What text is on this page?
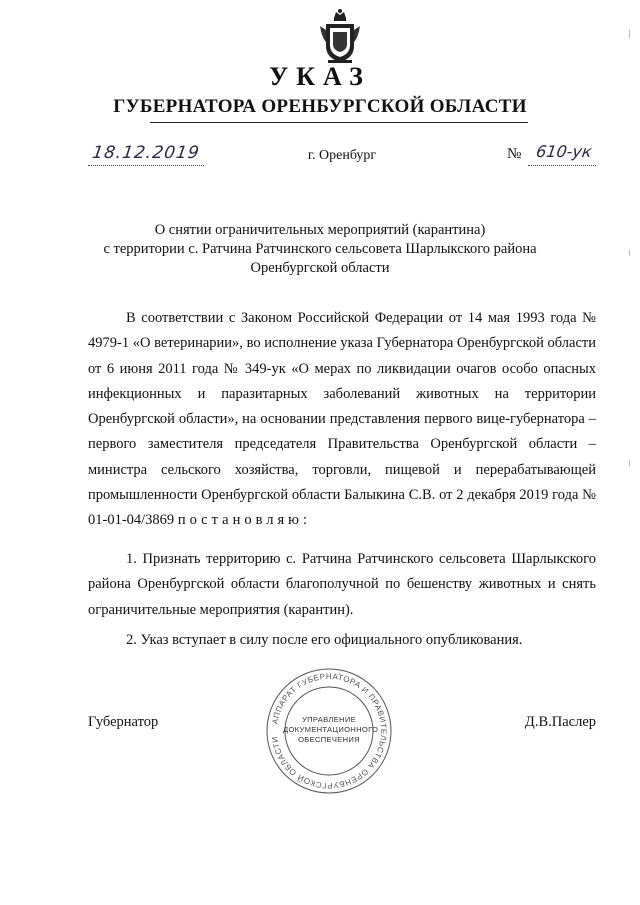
УКАЗ
ГУБЕРНАТОРА ОРЕНБУРГСКОЙ ОБЛАСТИ
18.12.2019	г. Оренбург	№ 610-ук
О снятии ограничительных мероприятий (карантина)
с территории с. Ратчина Ратчинского сельсовета Шарлыкского района
Оренбургской области
В соответствии с Законом Российской Федерации от 14 мая 1993 года № 4979-1 «О ветеринарии», во исполнение указа Губернатора Оренбургской области от 6 июня 2011 года № 349-ук «О мерах по ликвидации очагов особо опасных инфекционных и паразитарных заболеваний животных на территории Оренбургской области», на основании представления первого вице-губернатора – первого заместителя председателя Правительства Оренбургской области – министра сельского хозяйства, торговли, пищевой и перерабатывающей промышленности Оренбургской области Балыкина С.В. от 2 декабря 2019 года № 01-01-04/3869 постановляю:
1. Признать территорию с. Ратчина Ратчинского сельсовета Шарлыкского района Оренбургской области благополучной по бешенству животных и снять ограничительные мероприятия (карантин).
2. Указ вступает в силу после его официального опубликования.
Губернатор	Д.В.Паслер
АППАРАТ ГУБЕРНАТОРА И ПРАВИТЕЛЬСТВА ОРЕНБУРГСКОЙ ОБЛАСТИ
УПРАВЛЕНИЕ
ДОКУМЕНТАЦИОННОГО
ОБЕСПЕЧЕНИЯ
